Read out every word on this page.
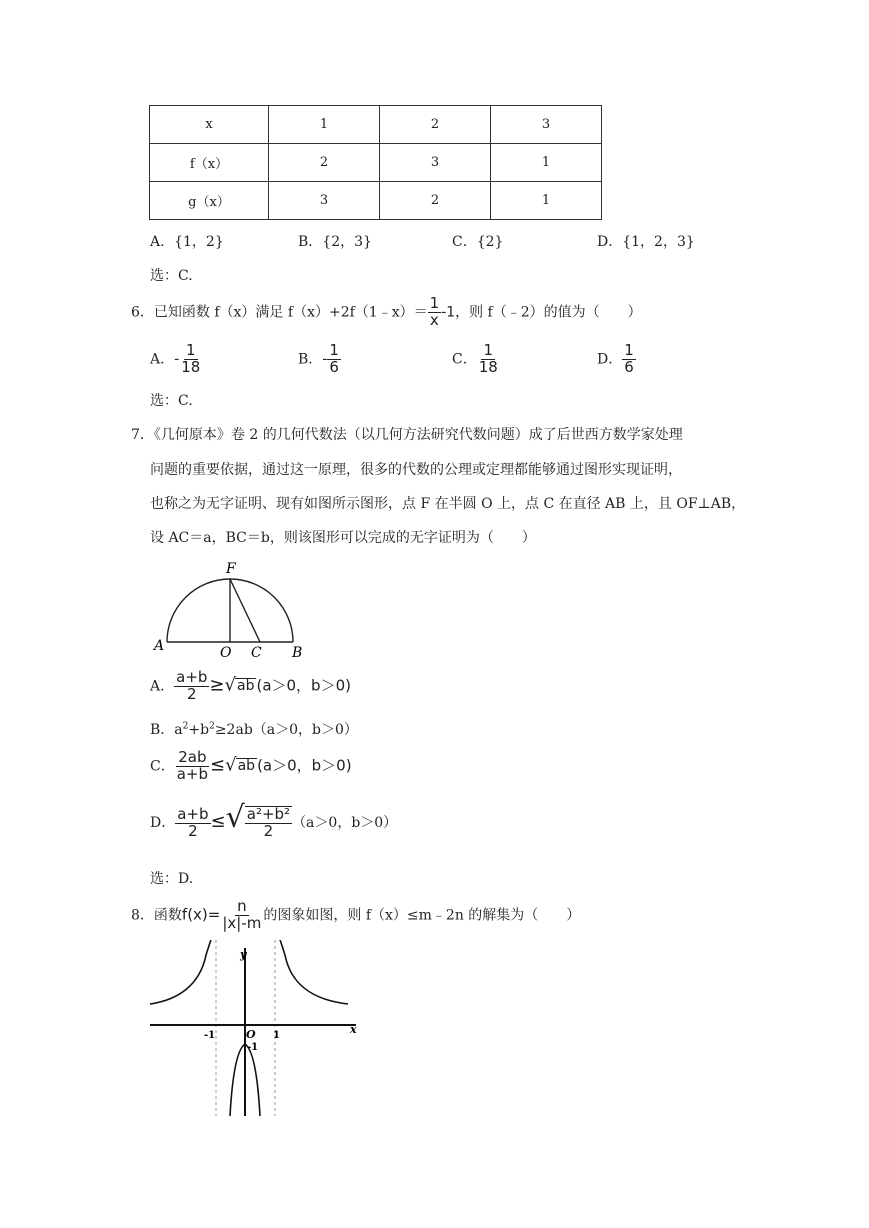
x	1	2	3
f（x）	2	3	1
g（x）	3	2	1
A．{1，2}	B．{2，3}	C．{2}	D．{1，2，3}
选：C.
6．已知函数 f（x）满足 f（x）+2f（1﹣x）＝ $\frac{1}{x} -1$，则 f（﹣2）的值为（　　）
A．- $\frac{1}{18}$	B．- $\frac{1}{6}$	C． $\frac{1}{18}$	D． $\frac{1}{6}$
选：C.
7．《几何原本》卷 2 的几何代数法（以几何方法研究代数问题）成了后世西方数学家处理
问题的重要依据，通过这一原理，很多的代数的公理或定理都能够通过图形实现证明，
也称之为无字证明、现有如图所示图形，点 F 在半圆 O 上，点 C 在直径 AB 上，且 OF⊥AB，
设 AC＝a，BC＝b，则该图形可以完成的无字证明为（　　）
F
A	O C B
A． $\frac{a+b}{2} \ge√ab$ (a＞0，b＞0)
B．$a^2+b^2\ge 2ab(a>0$，b＞0）
C． $\frac{2ab}{a+b} \le√ab$ (a＞0，b＞0)
D． $\frac{a+b}{2}$ ≤√ $\frac{\text{a²+b²}}{2} (a>0$，b＞0）
选：D.
8．函数$f(x)= \frac{n}{|x|-m}$ 的图象如图，则 f（x）≤m﹣2n 的解集为（　　）
y
x
-1	O 1
-1
